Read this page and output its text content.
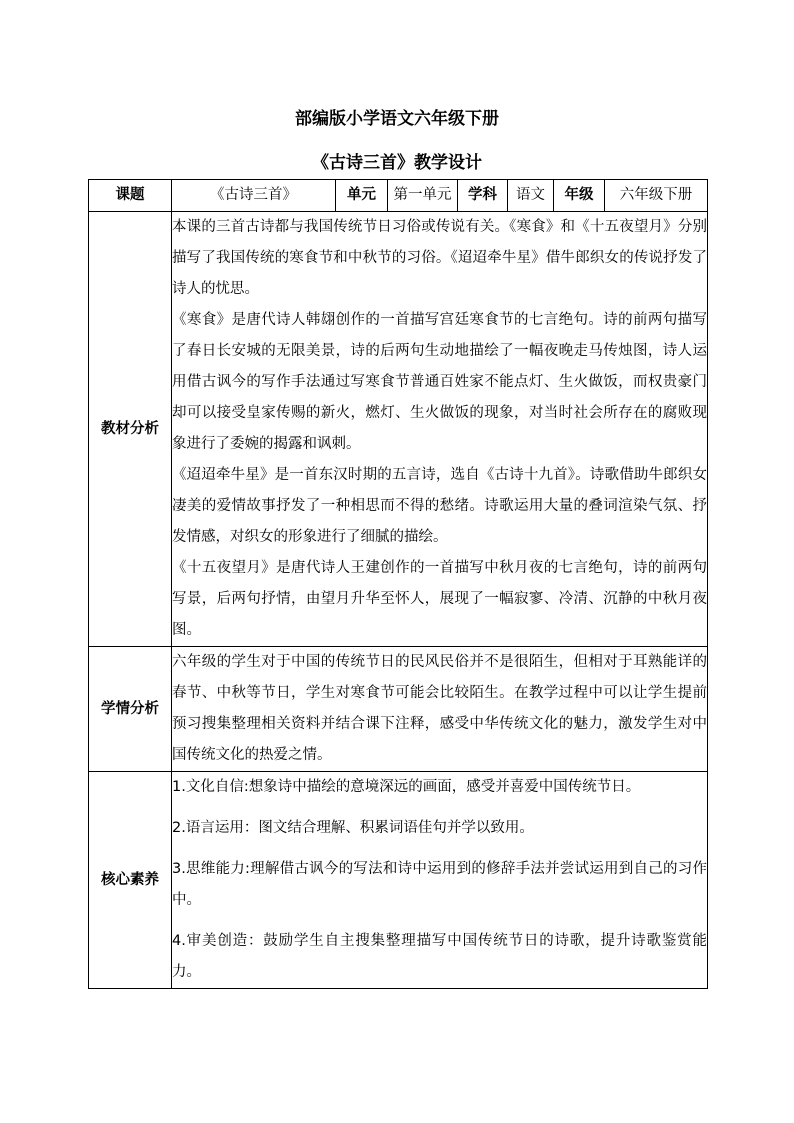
部编版小学语文六年级下册
《古诗三首》教学设计
课题	《古诗三首》	单元	第一单元	学科	语文	年级	六年级下册
教材分析	本课的三首古诗都与我国传统节日习俗或传说有关。《寒食》和《十五夜望月》分别描写了我国传统的寒食节和中秋节的习俗。《迢迢牵牛星》借牛郎织女的传说抒发了诗人的忧思。

《寒食》是唐代诗人韩翃创作的一首描写宫廷寒食节的七言绝句。诗的前两句描写了春日长安城的无限美景，诗的后两句生动地描绘了一幅夜晚走马传烛图，诗人运用借古讽今的写作手法通过写寒食节普通百姓家不能点灯、生火做饭，而权贵豪门却可以接受皇家传赐的新火，燃灯、生火做饭的现象，对当时社会所存在的腐败现象进行了委婉的揭露和讽刺。

《迢迢牵牛星》是一首东汉时期的五言诗，选自《古诗十九首》。诗歌借助牛郎织女凄美的爱情故事抒发了一种相思而不得的愁绪。诗歌运用大量的叠词渲染气氛、抒发情感，对织女的形象进行了细腻的描绘。

《十五夜望月》是唐代诗人王建创作的一首描写中秋月夜的七言绝句，诗的前两句写景，后两句抒情，由望月升华至怀人，展现了一幅寂寥、冷清、沉静的中秋月夜图。						

学情分析	六年级的学生对于中国的传统节日的民风民俗并不是很陌生，但相对于耳熟能详的春节、中秋等节日，学生对寒食节可能会比较陌生。在教学过程中可以让学生提前预习搜集整理相关资料并结合课下注释，感受中华传统文化的魅力，激发学生对中国传统文化的热爱之情。						

核心素养	1.文化自信:想象诗中描绘的意境深远的画面，感受并喜爱中国传统节日。

2.语言运用：图文结合理解、积累词语佳句并学以致用。

3.思维能力:理解借古讽今的写法和诗中运用到的修辞手法并尝试运用到自己的习作中。

4.审美创造：鼓励学生自主搜集整理描写中国传统节日的诗歌，提升诗歌鉴赏能力。						
